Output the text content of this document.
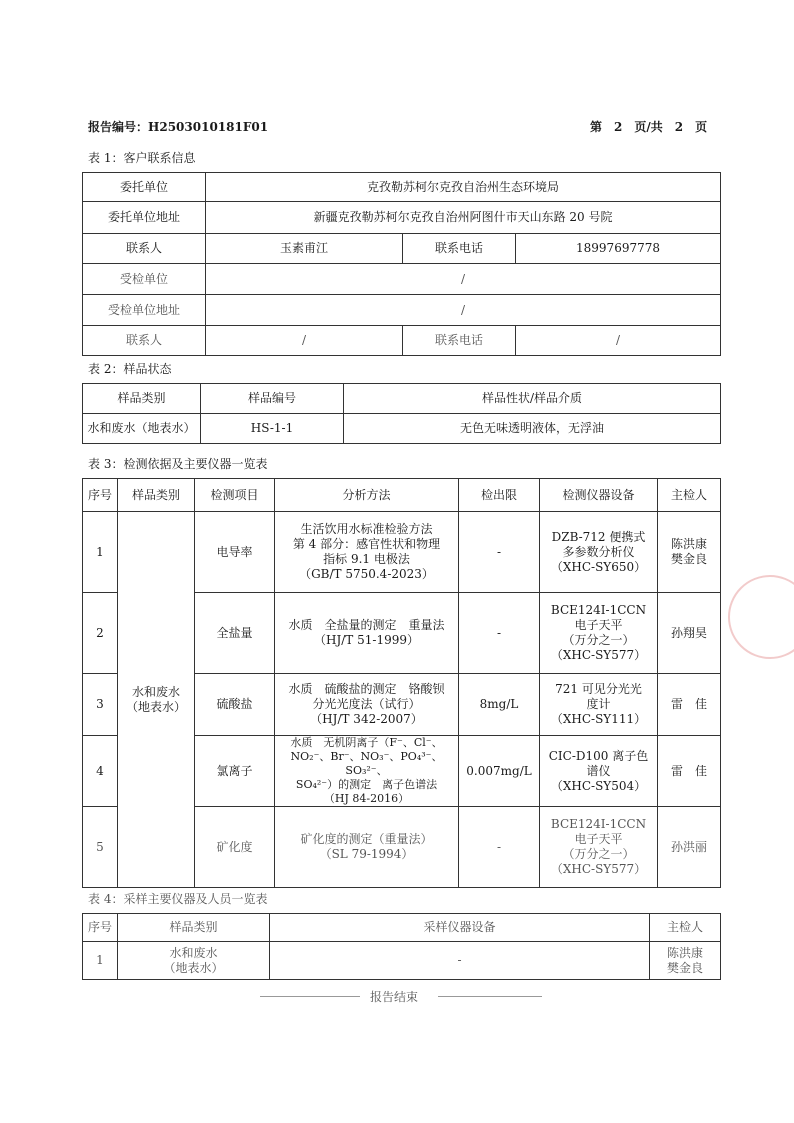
报告编号：H2503010181F01	第　2　页/共　2　页
表 1：客户联系信息
委托单位	克孜勒苏柯尔克孜自治州生态环境局		
委托单位地址	新疆克孜勒苏柯尔克孜自治州阿图什市天山东路 20 号院		
联系人	玉素甫江	联系电话	18997697778
受检单位	/		
受检单位地址	/		
联系人	/	联系电话	/
表 2：样品状态
样品类别	样品编号	样品性状/样品介质
水和废水（地表水）	HS-1-1	无色无味透明液体，无浮油
表 3：检测依据及主要仪器一览表
序号	样品类别	检测项目	分析方法	检出限	检测仪器设备	主检人
1	水和废水
（地表水）	电导率	生活饮用水标准检验方法
第 4 部分：感官性状和物理
指标 9.1 电极法
（GB/T 5750.4-2023）	-	DZB-712 便携式
多参数分析仪
（XHC-SY650）	陈洪康
樊金良
2		全盐量	水质　全盐量的测定　重量法
（HJ/T 51-1999）	-	BCE124I-1CCN
电子天平
（万分之一）
（XHC-SY577）	孙翔昊
3		硫酸盐	水质　硫酸盐的测定　铬酸钡
分光光度法（试行）
（HJ/T 342-2007）	8mg/L	721 可见分光光
度计
（XHC-SY111）	雷　佳
4		氯离子	水质　无机阴离子（F⁻、Cl⁻、
NO₂⁻、Br⁻、NO₃⁻、PO₄³⁻、SO₃²⁻、
SO₄²⁻）的测定　离子色谱法
（HJ 84-2016）	0.007mg/L	CIC-D100 离子色
谱仪
（XHC-SY504）	雷　佳
5		矿化度	矿化度的测定（重量法）
（SL 79-1994）	-	BCE124I-1CCN
电子天平
（万分之一）
（XHC-SY577）	孙洪丽
表 4：采样主要仪器及人员一览表
序号	样品类别	采样仪器设备	主检人
1	水和废水
（地表水）	-	陈洪康
樊金良
报告结束
